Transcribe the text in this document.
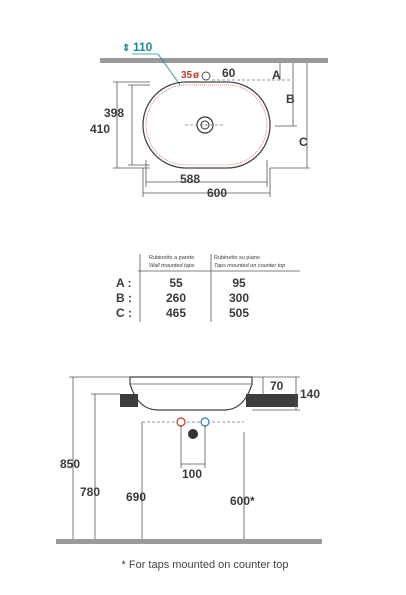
⇕ 110
35 ø 60	A
B
C
398
410
588
600
Rubinetto a parete
Wall mounted taps
Rubinetto su piano
Taps mounted on counter top
A :	55	95
B :	260	300
C :	465	505
70
140
100
850
780 690	600*
* For taps mounted on counter top
